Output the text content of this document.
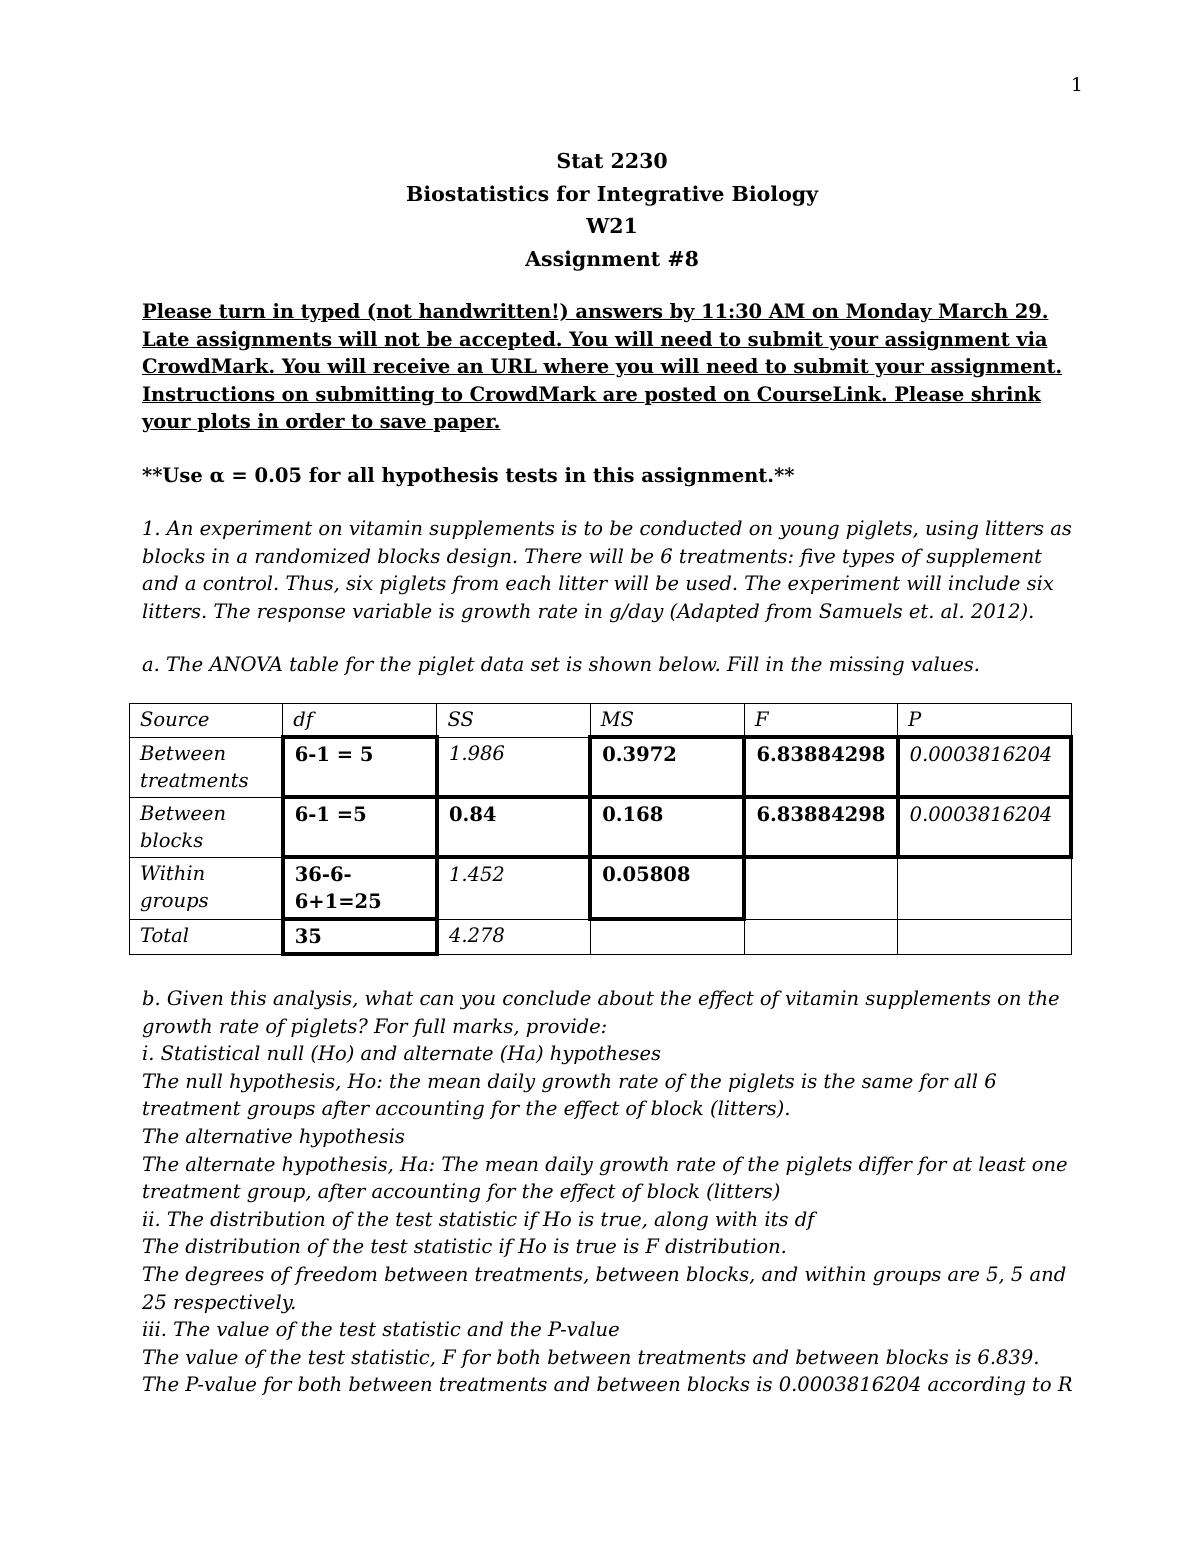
1
Stat 2230
Biostatistics for Integrative Biology
W21
Assignment #8

Please turn in typed (not handwritten!) answers by 11:30 AM on Monday March 29. Late assignments will not be accepted. You will need to submit your assignment via CrowdMark. You will receive an URL where you will need to submit your assignment. Instructions on submitting to CrowdMark are posted on CourseLink. Please shrink your plots in order to save paper.

**Use α = 0.05 for all hypothesis tests in this assignment.**

1. An experiment on vitamin supplements is to be conducted on young piglets, using litters as blocks in a randomized blocks design. There will be 6 treatments: five types of supplement and a control. Thus, six piglets from each litter will be used. The experiment will include six litters. The response variable is growth rate in g/day (Adapted from Samuels et. al. 2012).

a. The ANOVA table for the piglet data set is shown below. Fill in the missing values.

Source	df	SS	MS	F	P
Between treatments	6-1 = 5	1.986	0.3972	6.83884298	0.0003816204
Between blocks	6-1 =5	0.84	0.168	6.83884298	0.0003816204
Within groups	36-6-6+1=25	1.452	0.05808		
Total	35	4.278			
b. Given this analysis, what can you conclude about the effect of vitamin supplements on the growth rate of piglets? For full marks, provide:
i. Statistical null (Ho) and alternate (Ha) hypotheses
The null hypothesis, Ho: the mean daily growth rate of the piglets is the same for all 6 treatment groups after accounting for the effect of block (litters).
The alternative hypothesis
The alternate hypothesis, Ha: The mean daily growth rate of the piglets differ for at least one treatment group, after accounting for the effect of block (litters)
ii. The distribution of the test statistic if Ho is true, along with its df
The distribution of the test statistic if Ho is true is F distribution.
The degrees of freedom between treatments, between blocks, and within groups are 5, 5 and 25 respectively.
iii. The value of the test statistic and the P-value
The value of the test statistic, F for both between treatments and between blocks is 6.839.
The P-value for both between treatments and between blocks is 0.0003816204 according to R
